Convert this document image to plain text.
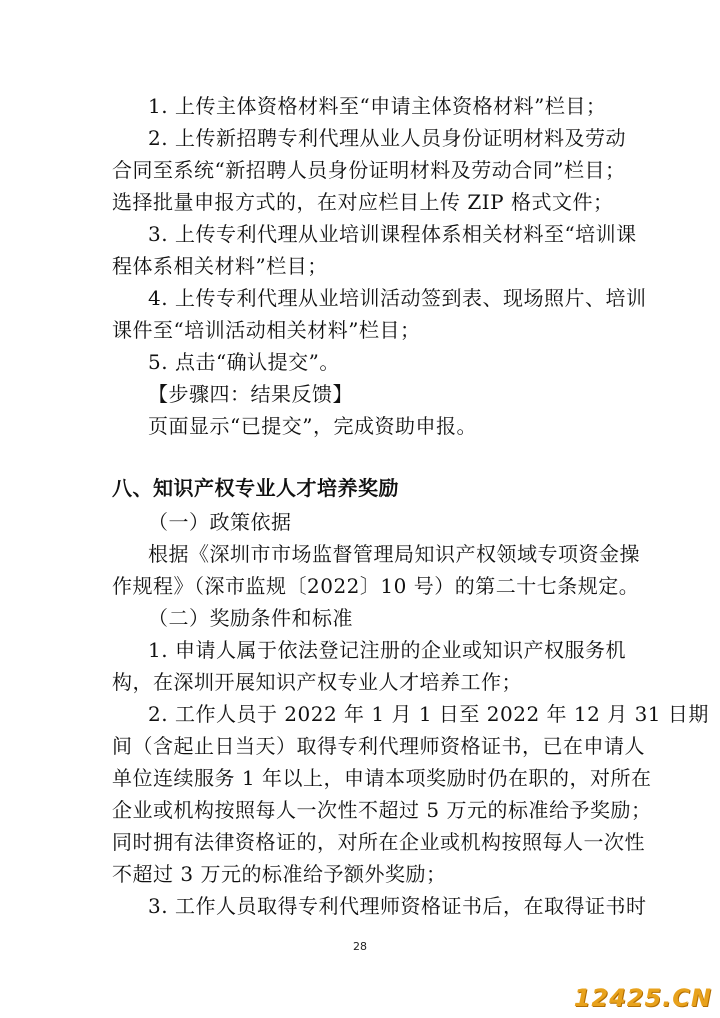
1. 上传主体资格材料至“申请主体资格材料”栏目；
2. 上传新招聘专利代理从业人员身份证明材料及劳动
合同至系统“新招聘人员身份证明材料及劳动合同”栏目；
选择批量申报方式的，在对应栏目上传 ZIP 格式文件；
3. 上传专利代理从业培训课程体系相关材料至“培训课
程体系相关材料”栏目；
4. 上传专利代理从业培训活动签到表、现场照片、培训
课件至“培训活动相关材料”栏目；
5. 点击“确认提交”。
【步骤四：结果反馈】
页面显示“已提交”，完成资助申报。
八、知识产权专业人才培养奖励
（一）政策依据
根据《深圳市市场监督管理局知识产权领域专项资金操
作规程》（深市监规〔2022〕10 号）的第二十七条规定。
（二）奖励条件和标准
1. 申请人属于依法登记注册的企业或知识产权服务机
构，在深圳开展知识产权专业人才培养工作；
2. 工作人员于 2022 年 1 月 1 日至 2022 年 12 月 31 日期
间（含起止日当天）取得专利代理师资格证书，已在申请人
单位连续服务 1 年以上，申请本项奖励时仍在职的，对所在
企业或机构按照每人一次性不超过 5 万元的标准给予奖励；
同时拥有法律资格证的，对所在企业或机构按照每人一次性
不超过 3 万元的标准给予额外奖励；
3. 工作人员取得专利代理师资格证书后，在取得证书时
28
12425.CN
